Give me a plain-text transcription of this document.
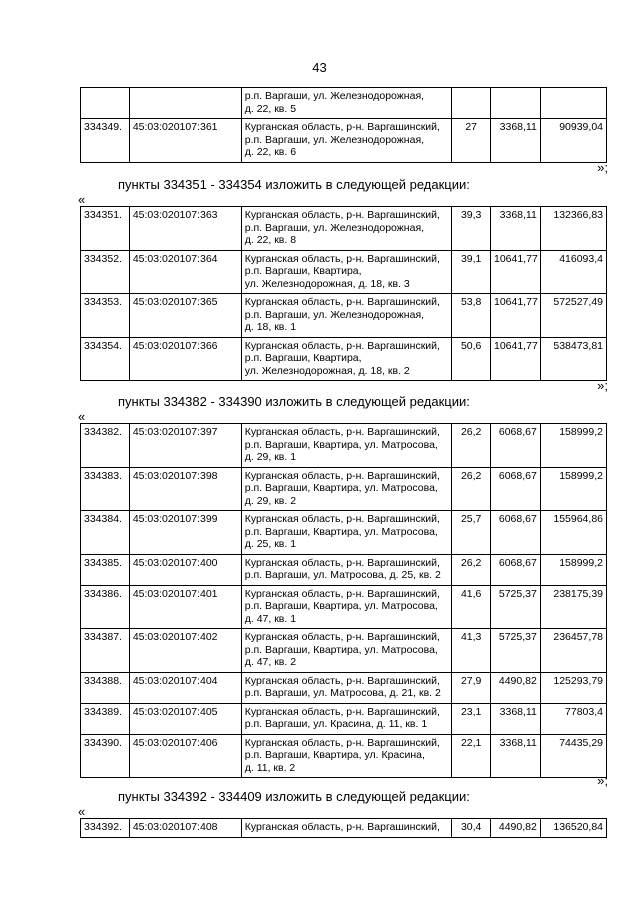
43

		р.п. Варгаши, ул. Железнодорожная,
д. 22, кв. 5			

334349.	45:03:020107:361	Курганская область, р-н. Варгашинский,
р.п. Варгаши, ул. Железнодорожная,
д. 22, кв. 6	27	3368,11	90939,04
»;
пункты 334351 - 334354 изложить в следующей редакции:
«
334351.	45:03:020107:363	Курганская область, р-н. Варгашинский,
р.п. Варгаши, ул. Железнодорожная,
д. 22, кв. 8	39,3	3368,11	132366,83
334352.	45:03:020107:364	Курганская область, р-н. Варгашинский,
р.п. Варгаши, Квартира,
ул. Железнодорожная, д. 18, кв. 3	39,1	10641,77	416093,4
334353.	45:03:020107:365	Курганская область, р-н. Варгашинский,
р.п. Варгаши, ул. Железнодорожная,
д. 18, кв. 1	53,8	10641,77	572527,49
334354.	45:03:020107:366	Курганская область, р-н. Варгашинский,
р.п. Варгаши, Квартира,
ул. Железнодорожная, д. 18, кв. 2	50,6	10641,77	538473,81
»;
пункты 334382 - 334390 изложить в следующей редакции:
«
334382.	45:03:020107:397	Курганская область, р-н. Варгашинский,
р.п. Варгаши, Квартира, ул. Матросова,
д. 29, кв. 1	26,2	6068,67	158999,2
334383.	45:03:020107:398	Курганская область, р-н. Варгашинский,
р.п. Варгаши, Квартира, ул. Матросова,
д. 29, кв. 2	26,2	6068,67	158999,2
334384.	45:03:020107:399	Курганская область, р-н. Варгашинский,
р.п. Варгаши, Квартира, ул. Матросова,
д. 25, кв. 1	25,7	6068,67	155964,86
334385.	45:03:020107:400	Курганская область, р-н. Варгашинский,
р.п. Варгаши, ул. Матросова, д. 25, кв. 2	26,2	6068,67	158999,2
334386.	45:03:020107:401	Курганская область, р-н. Варгашинский,
р.п. Варгаши, Квартира, ул. Матросова,
д. 47, кв. 1	41,6	5725,37	238175,39
334387.	45:03:020107:402	Курганская область, р-н. Варгашинский,
р.п. Варгаши, Квартира, ул. Матросова,
д. 47, кв. 2	41,3	5725,37	236457,78
334388.	45:03:020107:404	Курганская область, р-н. Варгашинский,
р.п. Варгаши, ул. Матросова, д. 21, кв. 2	27,9	4490,82	125293,79
334389.	45:03:020107:405	Курганская область, р-н. Варгашинский,
р.п. Варгаши, ул. Красина, д. 11, кв. 1	23,1	3368,11	77803,4
334390.	45:03:020107:406	Курганская область, р-н. Варгашинский,
р.п. Варгаши, Квартира, ул. Красина,
д. 11, кв. 2	22,1	3368,11	74435,29
»;
пункты 334392 - 334409 изложить в следующей редакции:
«
334392.	45:03:020107:408	Курганская область, р-н. Варгашинский,	30,4	4490,82	136520,84
